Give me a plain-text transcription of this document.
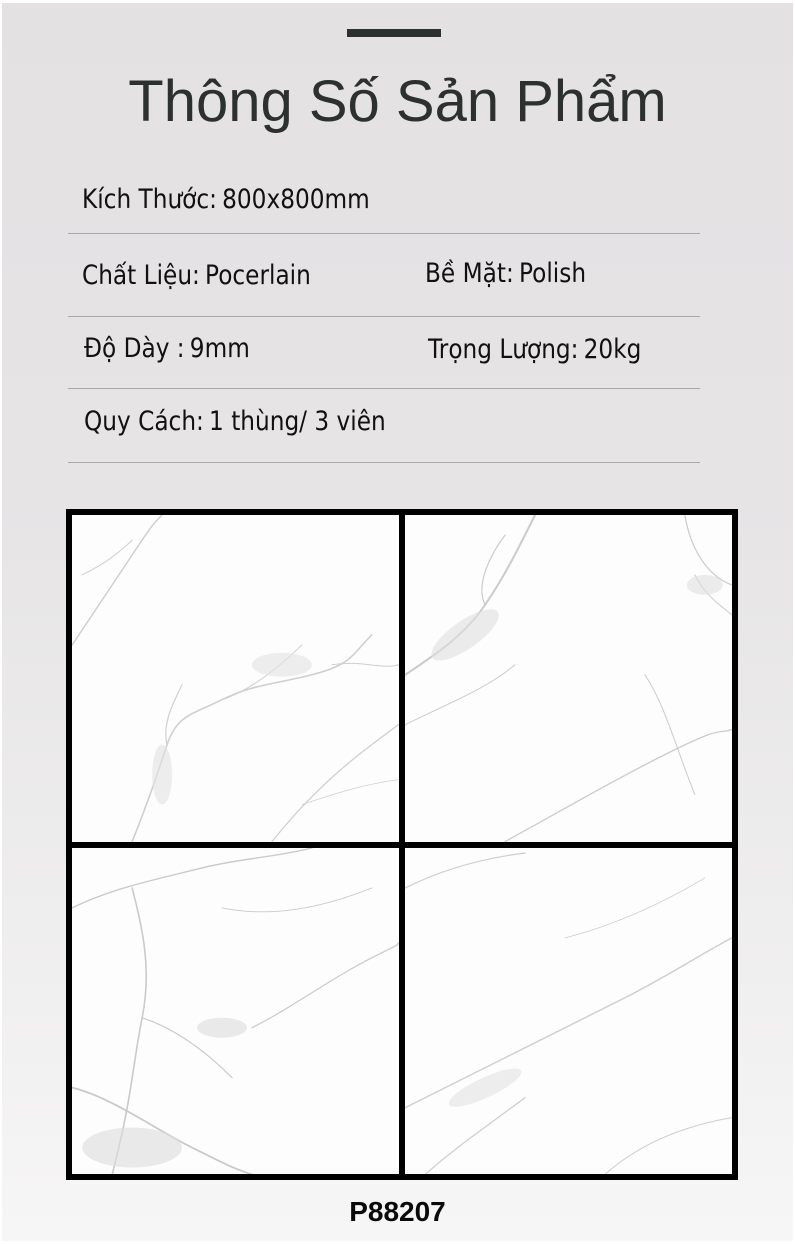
Thông Số Sản Phẩm
Kích Thước: 800x800mm
Chất Liệu: Pocerlain	Bề Mặt: Polish
Độ Dày : 9mm	Trọng Lượng: 20kg
Quy Cách: 1 thùng/ 3 viên
P88207
